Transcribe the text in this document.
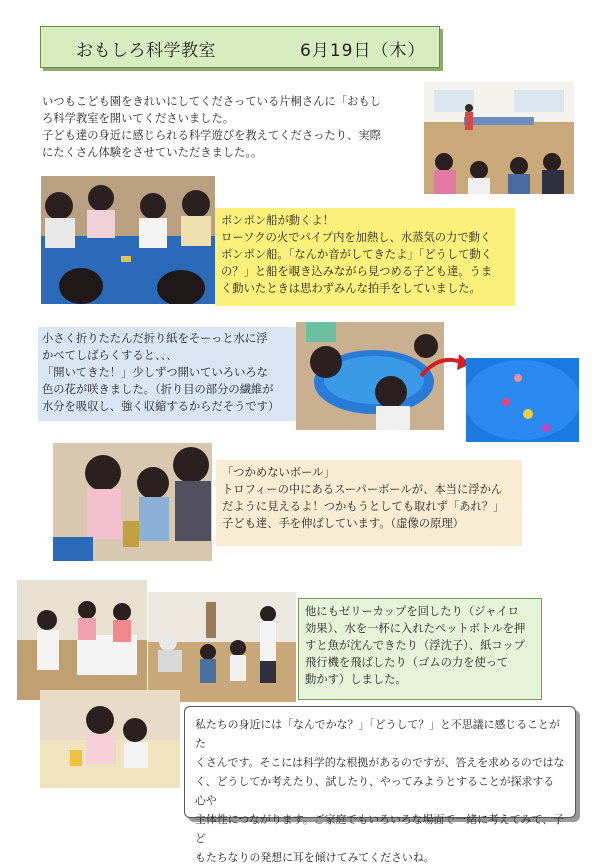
おもしろ科学教室	6月19日（木）
いつもこども園をきれいにしてくださっている片桐さんに「おもし
ろ科学教室を開いてくださいました。
子ども達の身近に感じられる科学遊びを教えてくださったり、実際
にたくさん体験をさせていただきました。。
ポンポン船が動くよ！
ローソクの火でパイプ内を加熱し、水蒸気の力で動く
ポンポン船。「なんか音がしてきたよ」「どうして動く
の？」と船を覗き込みながら見つめる子ども達。うま
く動いたときは思わずみんな拍手をしていました。
小さく折りたたんだ折り紙をそーっと水に浮
かべてしばらくすると、、、
「開いてきた！」少しずつ開いていろいろな
色の花が咲きました。（折り目の部分の繊維が
水分を吸収し、強く収縮するからだそうです）
「つかめないボール」
トロフィーの中にあるスーパーボールが、本当に浮かん
だように見えるよ！つかもうとしても取れず「あれ？」
子ども達、手を伸ばしています。（虚像の原理）
他にもゼリーカップを回したり（ジャイロ
効果）、水を一杯に入れたペットボトルを押
すと魚が沈んできたり（浮沈子）、紙コップ
飛行機を飛ばしたり（ゴムの力を使って
動かす）しました。
私たちの身近には「なんでかな？」「どうして？」と不思議に感じることがた
くさんです。そこには科学的な根拠があるのですが、答えを求めるのではな
く、どうしてか考えたり、試したり、やってみようとすることが探求する心や
主体性につながります。ご家庭でもいろいろな場面で一緒に考えてみて、子ど
もたちなりの発想に耳を傾けてみてくださいね。
